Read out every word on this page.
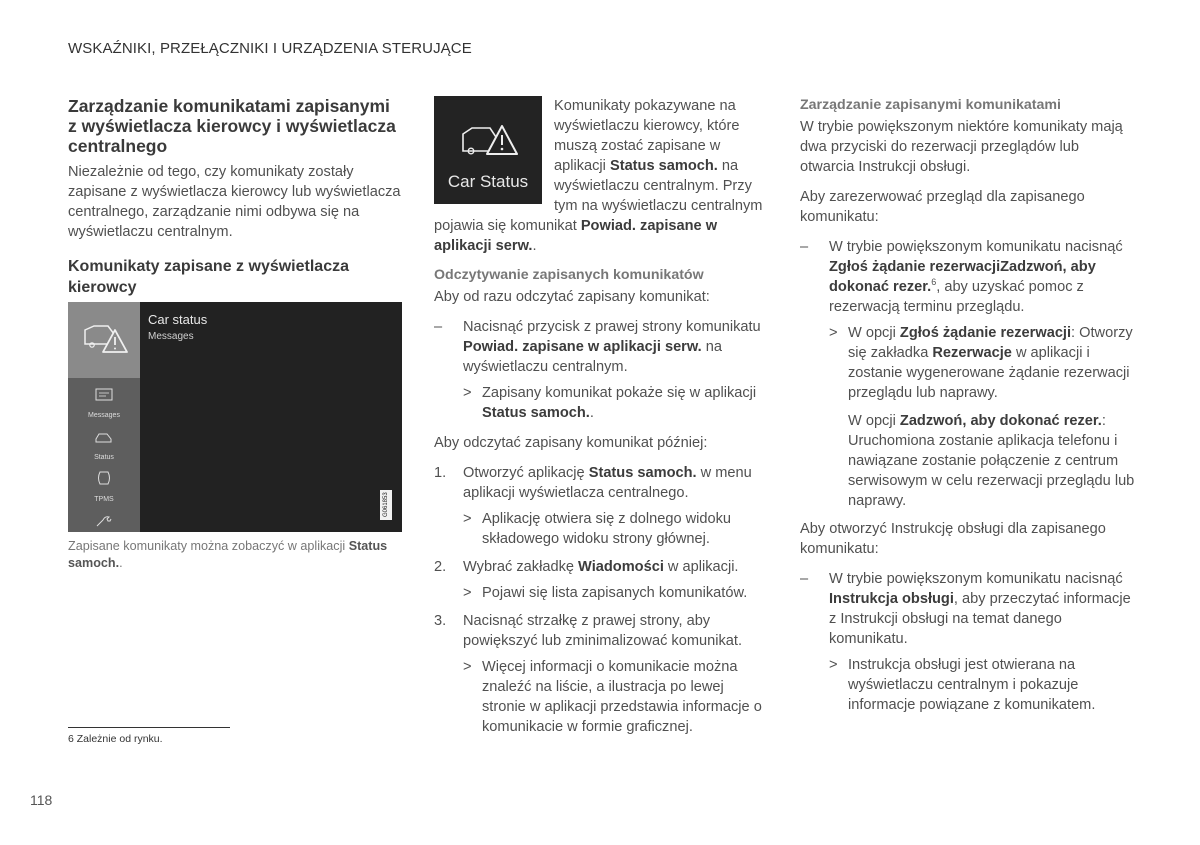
WSKAŹNIKI, PRZEŁĄCZNIKI I URZĄDZENIA STERUJĄCE
Zarządzanie komunikatami zapisanymi z wyświetlacza kierowcy i wyświetlacza centralnego

Niezależnie od tego, czy komunikaty zostały zapisane z wyświetlacza kierowcy lub wyświetlacza centralnego, zarządzanie nimi odbywa się na wyświetlaczu centralnym.

Komunikaty zapisane z wyświetlacza kierowcy
Messages
Status
TPMS
Car status
Messages
G061853
Zapisane komunikaty można zobaczyć w aplikacji Status samoch..
Car Status

Komunikaty pokazywane na wyświetlaczu kierowcy, które muszą zostać zapisane w aplikacji Status samoch. na wyświetlaczu centralnym. Przy tym na wyświetlaczu centralnym pojawia się komunikat Powiad. zapisane w aplikacji serw..

Odczytywanie zapisanych komunikatów

Aby od razu odczytać zapisany komunikat:

– Nacisnąć przycisk z prawej strony komunikatu Powiad. zapisane w aplikacji serw. na wyświetlaczu centralnym.
> Zapisany komunikat pokaże się w aplikacji Status samoch..

Aby odczytać zapisany komunikat później:

1. Otworzyć aplikację Status samoch. w menu aplikacji wyświetlacza centralnego.
> Aplikację otwiera się z dolnego widoku składowego widoku strony głównej.
2. Wybrać zakładkę Wiadomości w aplikacji.
> Pojawi się lista zapisanych komunikatów.
3. Nacisnąć strzałkę z prawej strony, aby powiększyć lub zminimalizować komunikat.
> Więcej informacji o komunikacie można znaleźć na liście, a ilustracja po lewej stronie w aplikacji przedstawia informacje o komunikacie w formie graficznej.
Zarządzanie zapisanymi komunikatami

W trybie powiększonym niektóre komunikaty mają dwa przyciski do rezerwacji przeglądów lub otwarcia Instrukcji obsługi.

Aby zarezerwować przegląd dla zapisanego komunikatu:

– W trybie powiększonym komunikatu nacisnąć Zgłoś żądanie rezerwacjiZadzwoń, aby dokonać rezer.$^6$, aby uzyskać pomoc z rezerwacją terminu przeglądu.
> W opcji Zgłoś żądanie rezerwacji: Otworzy się zakładka Rezerwacje w aplikacji i zostanie wygenerowane żądanie rezerwacji przeglądu lub naprawy.
W opcji Zadzwoń, aby dokonać rezer.: Uruchomiona zostanie aplikacja telefonu i nawiązane zostanie połączenie z centrum serwisowym w celu rezerwacji przeglądu lub naprawy.

Aby otworzyć Instrukcję obsługi dla zapisanego komunikatu:

– W trybie powiększonym komunikatu nacisnąć Instrukcja obsługi, aby przeczytać informacje z Instrukcji obsługi na temat danego komunikatu.
> Instrukcja obsługi jest otwierana na wyświetlaczu centralnym i pokazuje informacje powiązane z komunikatem.
6 Zależnie od rynku.
118
